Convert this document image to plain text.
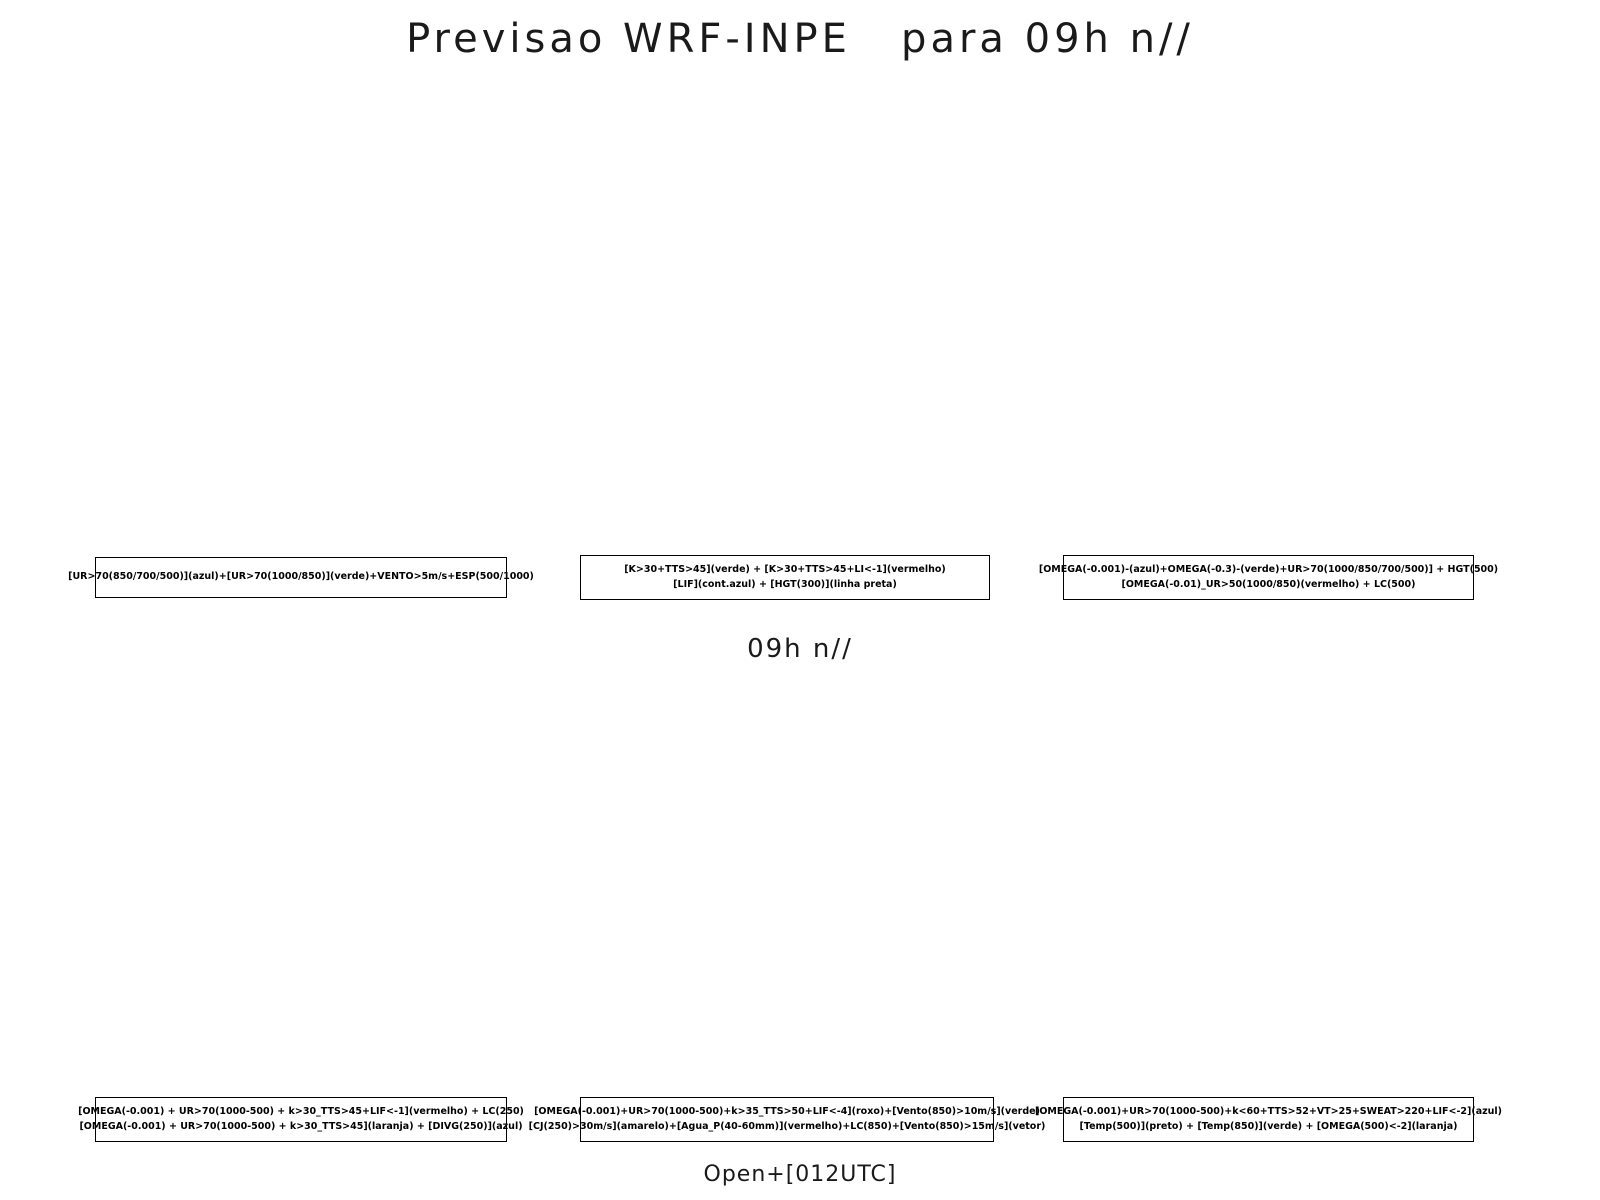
Previsao WRF-INPE   para 09h n//
[UR>70(850/700/500)](azul)+[UR>70(1000/850)](verde)+VENTO>5m/s+ESP(500/1000)
[K>30+TTS>45](verde) + [K>30+TTS>45+LI<-1](vermelho)
[LIF](cont.azul) + [HGT(300)](linha preta)
[OMEGA(-0.001)-(azul)+OMEGA(-0.3)-(verde)+UR>70(1000/850/700/500)] + HGT(500)
[OMEGA(-0.01)_UR>50(1000/850)(vermelho) + LC(500)
09h n//
[OMEGA(-0.001) + UR>70(1000-500) + k>30_TTS>45+LIF<-1](vermelho) + LC(250)
[OMEGA(-0.001) + UR>70(1000-500) + k>30_TTS>45](laranja) + [DIVG(250)](azul)
[OMEGA(-0.001)+UR>70(1000-500)+k>35_TTS>50+LIF<-4](roxo)+[Vento(850)>10m/s](verde)
[CJ(250)>30m/s](amarelo)+[Agua_P(40-60mm)](vermelho)+LC(850)+[Vento(850)>15m/s](vetor)
[OMEGA(-0.001)+UR>70(1000-500)+k<60+TTS>52+VT>25+SWEAT>220+LIF<-2](azul)
[Temp(500)](preto) + [Temp(850)](verde) + [OMEGA(500)<-2](laranja)
Open+[012UTC]
